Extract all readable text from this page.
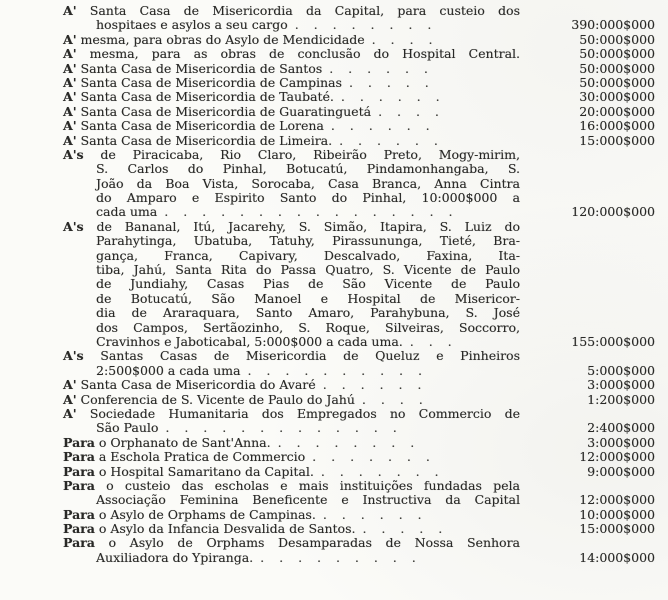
A' Santa Casa de Misericordia da Capital, para custeio dos
hospitaes e asylos a seu cargo . . . . . . . .	390:000$000
A' mesma, para obras do Asylo de Mendicidade . . . .	50:000$000
A' mesma, para as obras de conclusão do Hospital Central.	50:000$000
A' Santa Casa de Misericordia de Santos . . . . . .	50:000$000
A' Santa Casa de Misericordia de Campinas . . . . .	50:000$000
A' Santa Casa de Misericordia de Taubaté. . . . . . .	30:000$000
A' Santa Casa de Misericordia de Guaratinguetá . . . .	20:000$000
A' Santa Casa de Misericordia de Lorena . . . . . .	16:000$000
A' Santa Casa de Misericordia de Limeira. . . . . . .	15:000$000
A's de Piracicaba, Rio Claro, Ribeirão Preto, Mogy-mirim,
S. Carlos do Pinhal, Botucatú, Pindamonhangaba, S.
João da Boa Vista, Sorocaba, Casa Branca, Anna Cintra
do Amparo e Espirito Santo do Pinhal, 10:000$000 a
cada uma . . . . . . . . . . . . . . . .	120:000$000
A's de Bananal, Itú, Jacarehy, S. Simão, Itapira, S. Luiz do
Parahytinga, Ubatuba, Tatuhy, Pirassununga, Tieté, Bra-
gança, Franca, Capivary, Descalvado, Faxina, Ita-
tiba, Jahú, Santa Rita do Passa Quatro, S. Vicente de Paulo
de Jundiahy, Casas Pias de São Vicente de Paulo
de Botucatú, São Manoel e Hospital de Misericor-
dia de Araraquara, Santo Amaro, Parahybuna, S. José
dos Campos, Sertãozinho, S. Roque, Silveiras, Soccorro,
Cravinhos e Jaboticabal, 5:000$000 a cada uma. . . .	155:000$000
A's Santas Casas de Misericordia de Queluz e Pinheiros
2:500$000 a cada uma . . . . . . . . . .	5:000$000
A' Santa Casa de Misericordia do Avaré . . . . . .	3:000$000
A' Conferencia de S. Vicente de Paulo do Jahú . . . .	1:200$000
A' Sociedade Humanitaria dos Empregados no Commercio de
São Paulo . . . . . . . . . . . . .	2:400$000
Para o Orphanato de Sant'Anna. . . . . . . . .	3:000$000
Para a Eschola Pratica de Commercio . . . . . . .	12:000$000
Para o Hospital Samaritano da Capital. . . . . . . .	9:000$000
Para o custeio das escholas e mais instituições fundadas pela
Associação Feminina Beneficente e Instructiva da Capital	12:000$000
Para o Asylo de Orphams de Campinas. . . . . . .	10:000$000
Para o Asylo da Infancia Desvalida de Santos. . . . . .	15:000$000
Para o Asylo de Orphams Desamparadas de Nossa Senhora
Auxiliadora do Ypiranga. . . . . . . . . .	14:000$000
